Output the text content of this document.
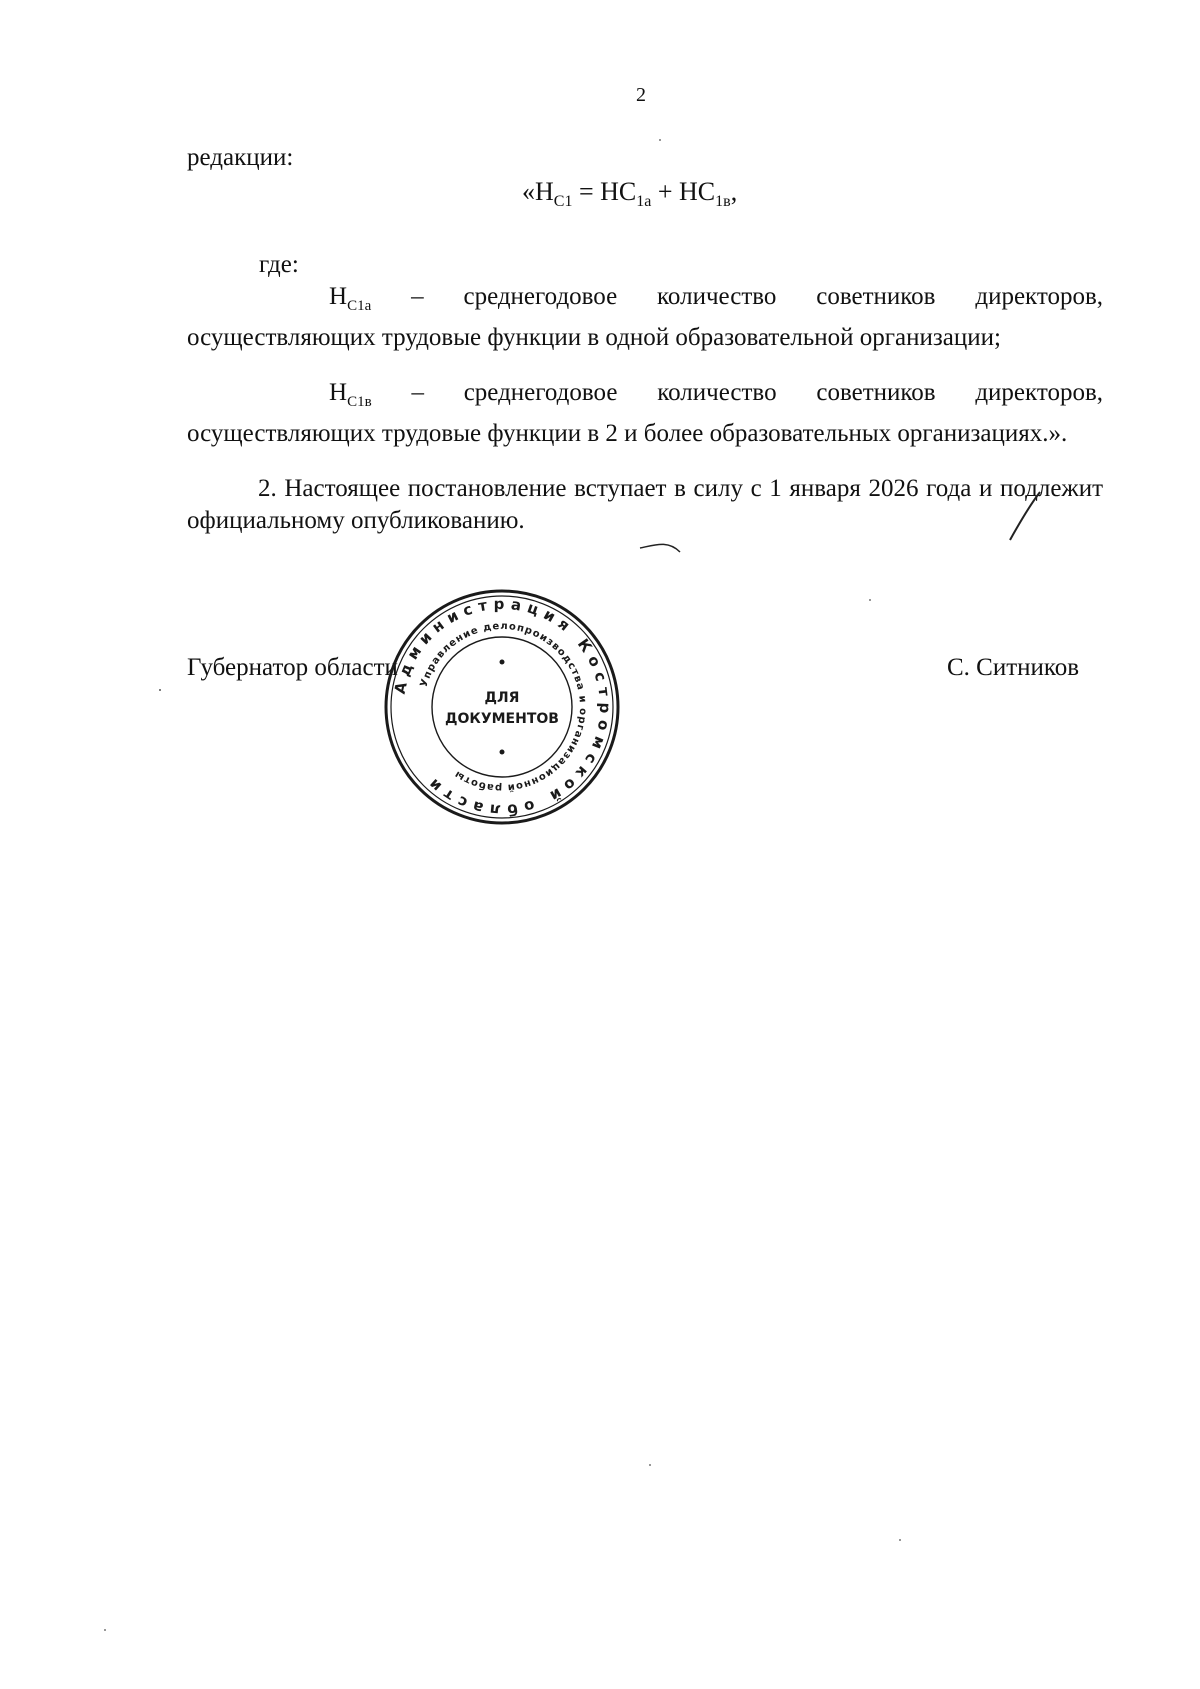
2
редакции:
«$Н_{С1} = НС_{1а} + НС_{1в}$,
где:
$Н_{С1а}$ – среднегодовое количество советников директоров, осуществляющих трудовые функции в одной образовательной организации;
$Н_{С1в}$ – среднегодовое количество советников директоров, осуществляющих трудовые функции в 2 и более образовательных организациях.».
2. Настоящее постановление вступает в силу с 1 января 2026 года и подлежит официальному опубликованию.
Губернатор области	С. Ситников
Администрация Костромской области
Управление делопроизводства и организационной работы
ДЛЯ
ДОКУМЕНТОВ
